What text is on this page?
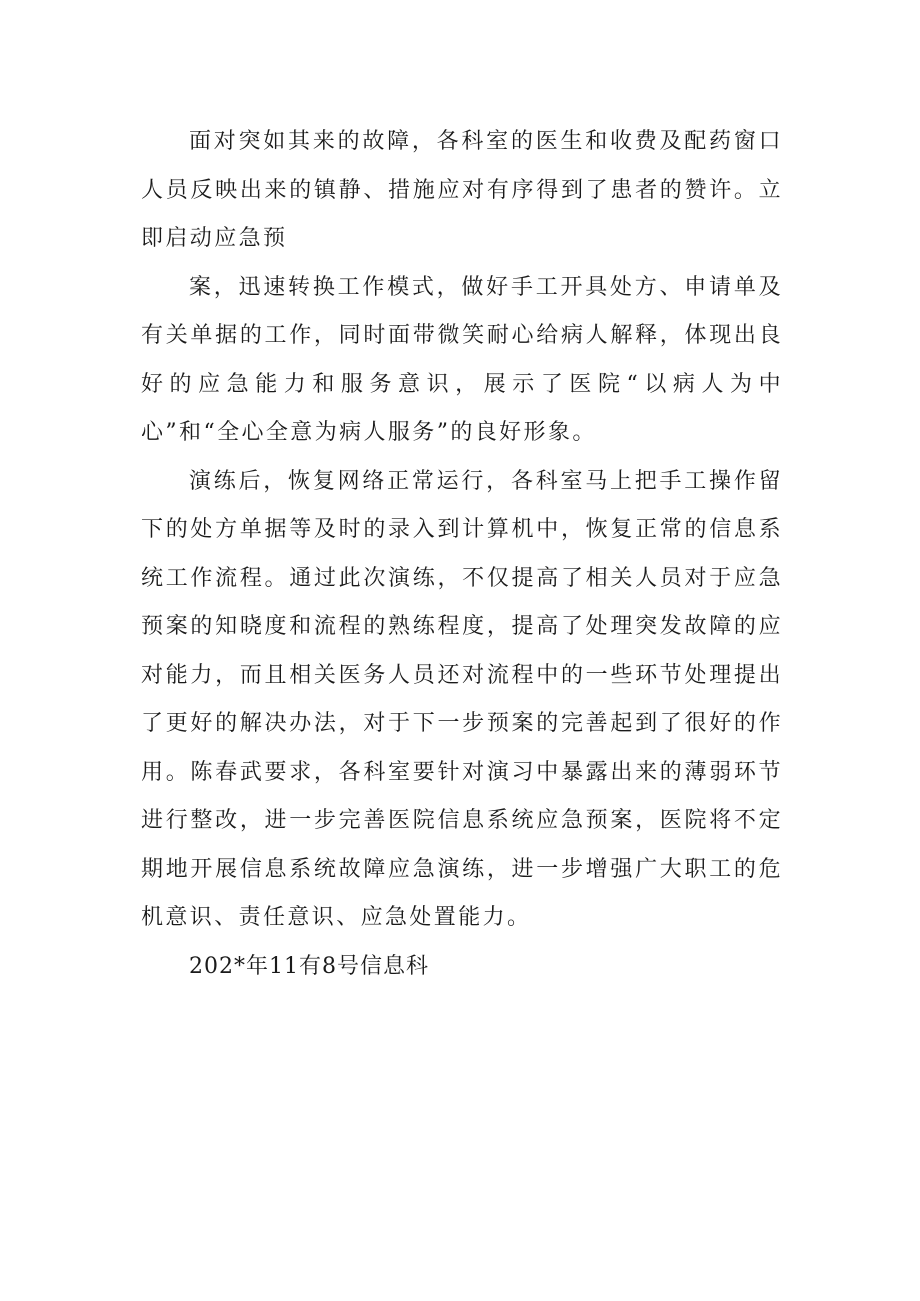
面对突如其来的故障，各科室的医生和收费及配药窗口人员反映出来的镇静、措施应对有序得到了患者的赞许。立即启动应急预

案，迅速转换工作模式，做好手工开具处方、申请单及有关单据的工作，同时面带微笑耐心给病人解释，体现出良好的应急能力和服务意识，展示了医院“以病人为中心”和“全心全意为病人服务”的良好形象。

演练后，恢复网络正常运行，各科室马上把手工操作留下的处方单据等及时的录入到计算机中，恢复正常的信息系统工作流程。通过此次演练，不仅提高了相关人员对于应急预案的知晓度和流程的熟练程度，提高了处理突发故障的应对能力，而且相关医务人员还对流程中的一些环节处理提出了更好的解决办法，对于下一步预案的完善起到了很好的作用。陈春武要求，各科室要针对演习中暴露出来的薄弱环节进行整改，进一步完善医院信息系统应急预案，医院将不定期地开展信息系统故障应急演练，进一步增强广大职工的危机意识、责任意识、应急处置能力。

202*年11有8号信息科
